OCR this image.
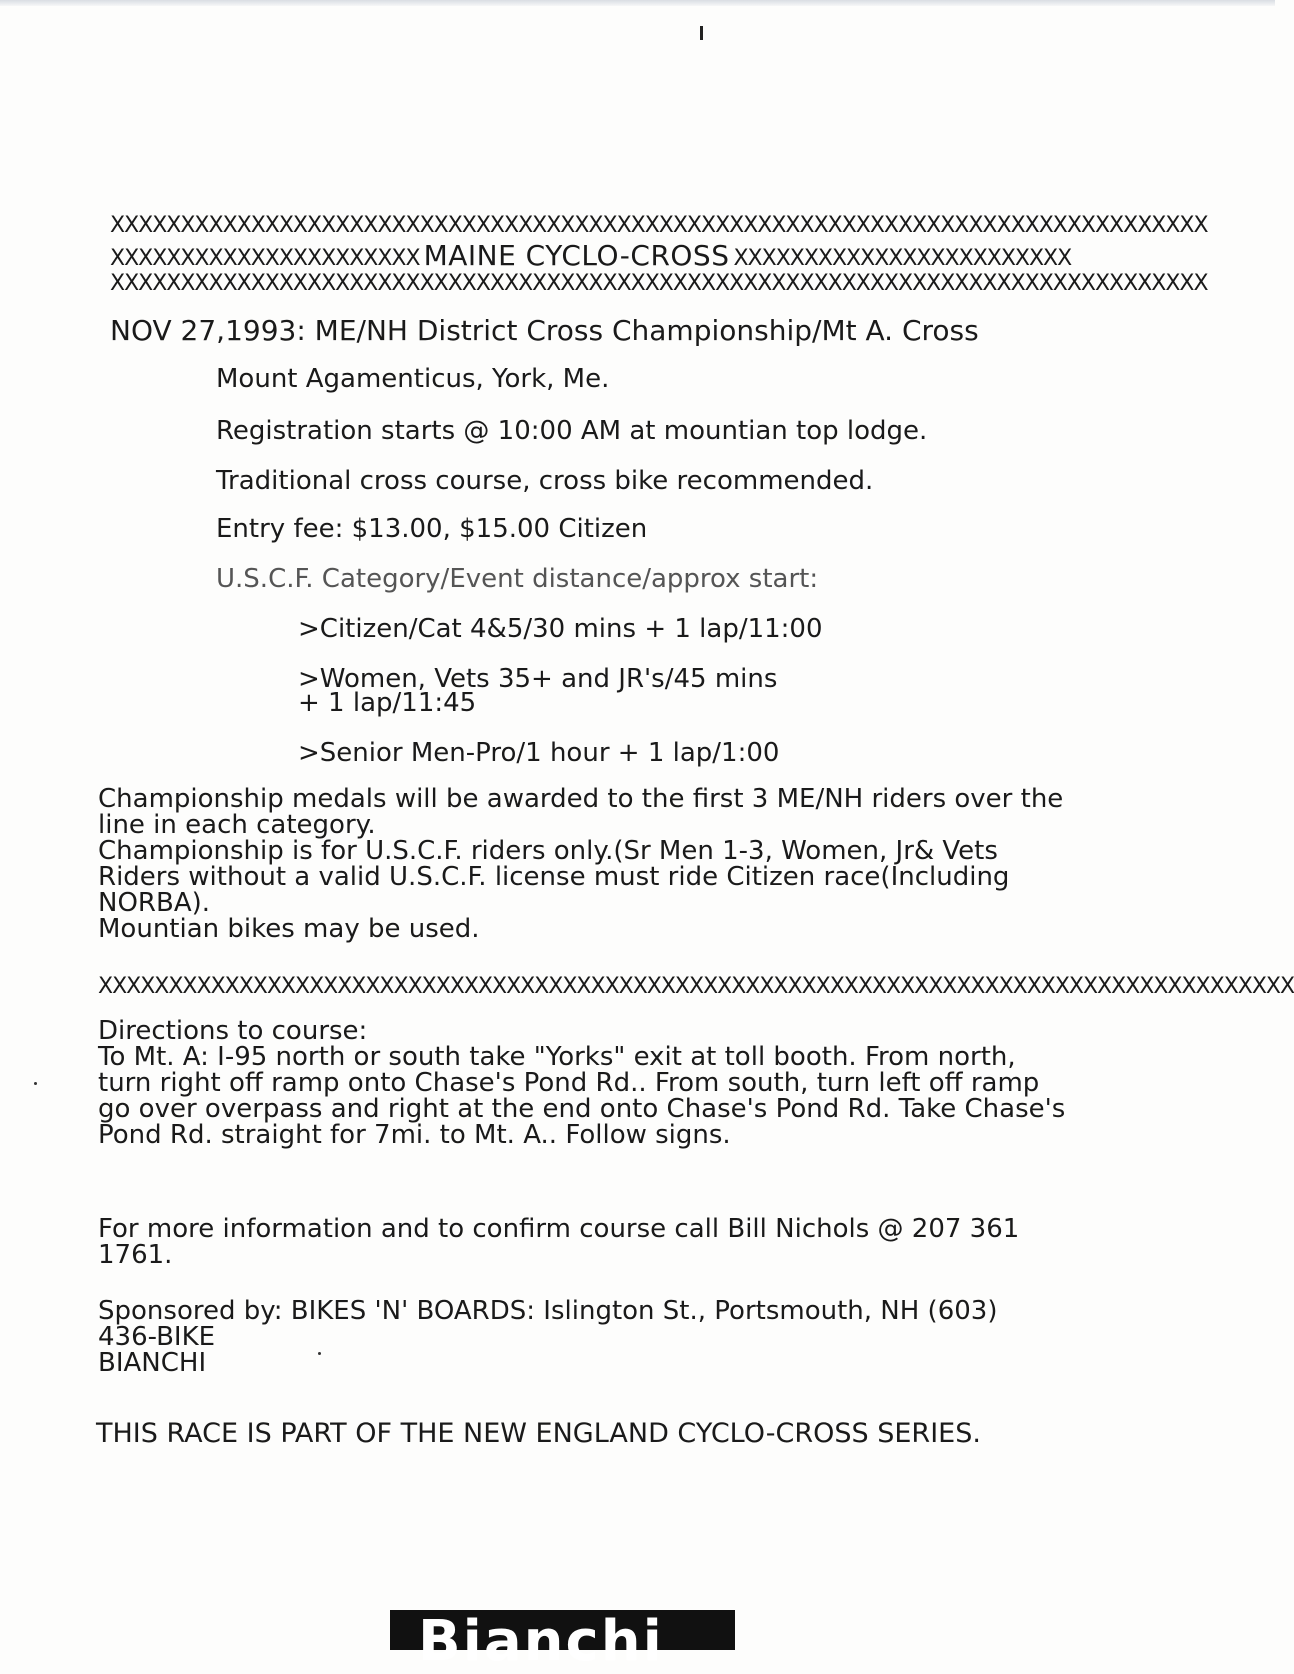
XXXXXXXXXXXXXXXXXXXXXXXXXXXXXXXXXXXXXXXXXXXXXXXXXXXXXXXXXXXXXXXXXXXXXXXXXXXXXX
XXXXXXXXXXXXXXXXXXXXXX MAINE CYCLO-CROSS XXXXXXXXXXXXXXXXXXXXXXXX
XXXXXXXXXXXXXXXXXXXXXXXXXXXXXXXXXXXXXXXXXXXXXXXXXXXXXXXXXXXXXXXXXXXXXXXXXXXXXX
NOV 27,1993: ME/NH District Cross Championship/Mt A. Cross
Mount Agamenticus, York, Me.
Registration starts @ 10:00 AM at mountian top lodge.
Traditional cross course, cross bike recommended.
Entry fee: $13.00, $15.00 Citizen
U.S.C.F. Category/Event distance/approx start:
>Citizen/Cat 4&5/30 mins + 1 lap/11:00
>Women, Vets 35+ and JR's/45 mins
+ 1 lap/11:45
>Senior Men-Pro/1 hour + 1 lap/1:00
Championship medals will be awarded to the first 3 ME/NH riders over the
line in each category.
Championship is for U.S.C.F. riders only.(Sr Men 1-3, Women, Jr& Vets
Riders without a valid U.S.C.F. license must ride Citizen race(Including
NORBA).
Mountian bikes may be used.
XXXXXXXXXXXXXXXXXXXXXXXXXXXXXXXXXXXXXXXXXXXXXXXXXXXXXXXXXXXXXXXXXXXXXXXXXXXXXXXXXXXXX
Directions to course:
To Mt. A: I-95 north or south take "Yorks" exit at toll booth. From north,
turn right off ramp onto Chase's Pond Rd.. From south, turn left off ramp
go over overpass and right at the end onto Chase's Pond Rd. Take Chase's
Pond Rd. straight for 7mi. to Mt. A.. Follow signs.
For more information and to confirm course call Bill Nichols @ 207 361
1761.
Sponsored by: BIKES 'N' BOARDS: Islington St., Portsmouth, NH (603)
436-BIKE
BIANCHI
THIS RACE IS PART OF THE NEW ENGLAND CYCLO-CROSS SERIES.
Bianchi
